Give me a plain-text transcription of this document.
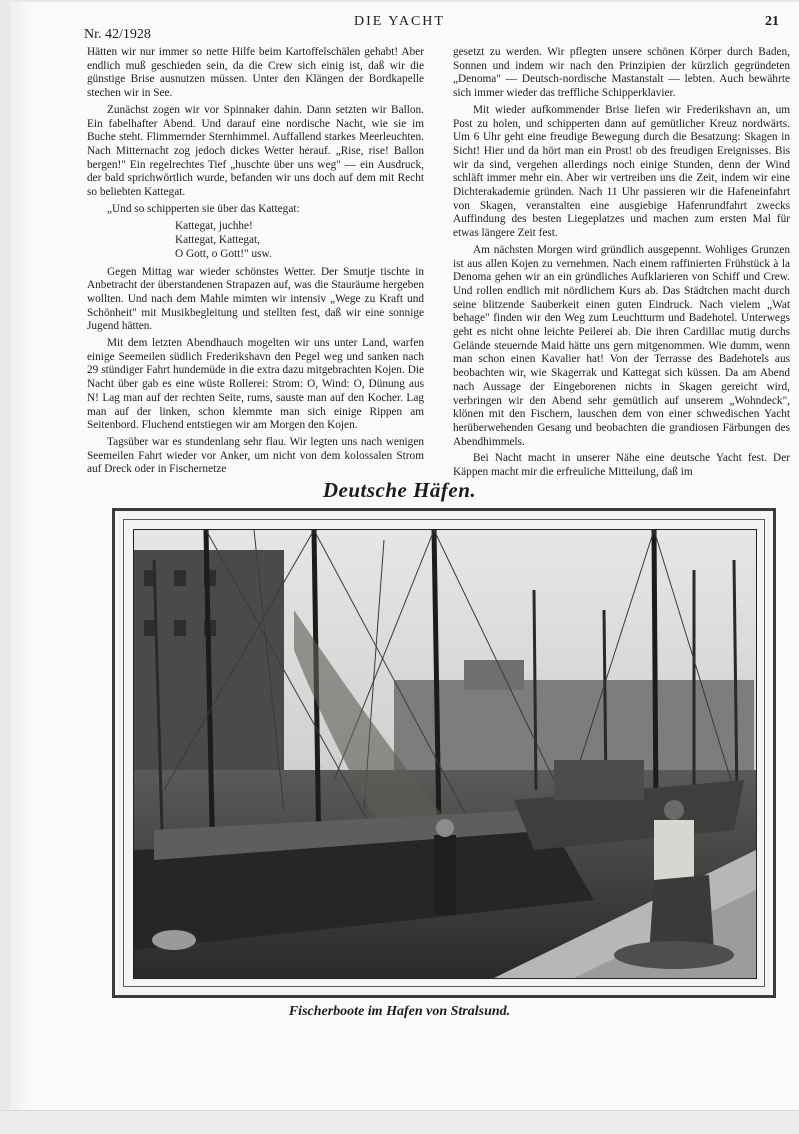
Nr. 42/1928
DIE YACHT	21

Hätten wir nur immer so nette Hilfe beim Kartoffelschälen gehabt! Aber endlich muß geschieden sein, da die Crew sich einig ist, daß wir die günstige Brise ausnutzen müssen. Unter den Klängen der Bordkapelle stechen wir in See.

Zunächst zogen wir vor Spinnaker dahin. Dann setzten wir Ballon. Ein fabelhafter Abend. Und darauf eine nordische Nacht, wie sie im Buche steht. Flimmernder Sternhimmel. Auffallend starkes Meerleuchten. Nach Mitternacht zog jedoch dickes Wetter herauf. „Rise, rise! Ballon bergen!" Ein regelrechtes Tief „huschte über uns weg" — ein Ausdruck, der bald sprichwörtlich wurde, befanden wir uns doch auf dem mit Recht so beliebten Kattegat.

„Und so schipperten sie über das Kattegat:

Kattegat, juchhe!
Kattegat, Kattegat,
O Gott, o Gott!" usw.

Gegen Mittag war wieder schönstes Wetter. Der Smutje tischte in Anbetracht der überstandenen Strapazen auf, was die Stauräume hergeben wollten. Und nach dem Mahle mimten wir intensiv „Wege zu Kraft und Schönheit" mit Musikbegleitung und stellten fest, daß wir eine sonnige Jugend hätten.

Mit dem letzten Abendhauch mogelten wir uns unter Land, warfen einige Seemeilen südlich Frederikshavn den Pegel weg und sanken nach 29 stündiger Fahrt hundemüde in die extra dazu mitgebrachten Kojen. Die Nacht über gab es eine wüste Rollerei: Strom: O, Wind: O, Dünung aus N! Lag man auf der rechten Seite, rums, sauste man auf den Kocher. Lag man auf der linken, schon klemmte man sich einige Rippen am Seitenbord. Fluchend entstiegen wir am Morgen den Kojen.

Tagsüber war es stundenlang sehr flau. Wir legten uns nach wenigen Seemeilen Fahrt wieder vor Anker, um nicht von dem kolossalen Strom auf Dreck oder in Fischernetze

gesetzt zu werden. Wir pflegten unsere schönen Körper durch Baden, Sonnen und indem wir nach den Prinzipien der kürzlich gegründeten „Denoma" — Deutsch-nordische Mastanstalt — lebten. Auch bewährte sich immer wieder das treffliche Schipperklavier.

Mit wieder aufkommender Brise liefen wir Frederikshavn an, um Post zu holen, und schipperten dann auf gemütlicher Kreuz nordwärts. Um 6 Uhr geht eine freudige Bewegung durch die Besatzung: Skagen in Sicht! Hier und da hört man ein Prost! ob des freudigen Ereignisses. Bis wir da sind, vergehen allerdings noch einige Stunden, denn der Wind schläft immer mehr ein. Aber wir vertreiben uns die Zeit, indem wir eine Dichterakademie gründen. Nach 11 Uhr passieren wir die Hafeneinfahrt von Skagen, veranstalten eine ausgiebige Hafenrundfahrt zwecks Auffindung des besten Liegeplatzes und machen zum ersten Mal für etwas längere Zeit fest.

Am nächsten Morgen wird gründlich ausgepennt. Wohliges Grunzen ist aus allen Kojen zu vernehmen. Nach einem raffinierten Frühstück à la Denoma gehen wir an ein gründliches Aufklarieren von Schiff und Crew. Und rollen endlich mit nördlichem Kurs ab. Das Städtchen macht durch seine blitzende Sauberkeit einen guten Eindruck. Nach vielem „Wat behage" finden wir den Weg zum Leuchtturm und Badehotel. Unterwegs geht es nicht ohne leichte Peilerei ab. Die ihren Cardillac mutig durchs Gelände steuernde Maid hätte uns gern mitgenommen. Wie dumm, wenn man schon einen Kavalier hat! Von der Terrasse des Badehotels aus beobachten wir, wie Skagerrak und Kattegat sich küssen. Da am Abend nach Aussage der Eingeborenen nichts in Skagen gereicht wird, verbringen wir den Abend sehr gemütlich auf unserem „Wohndeck", klönen mit den Fischern, lauschen dem von einer schwedischen Yacht herüberwehenden Gesang und beobachten die grandiosen Färbungen des Abendhimmels.

Bei Nacht macht in unserer Nähe eine deutsche Yacht fest. Der Käppen macht mir die erfreuliche Mitteilung, daß im

Deutsche Häfen.
Fischerboote im Hafen von Stralsund.
